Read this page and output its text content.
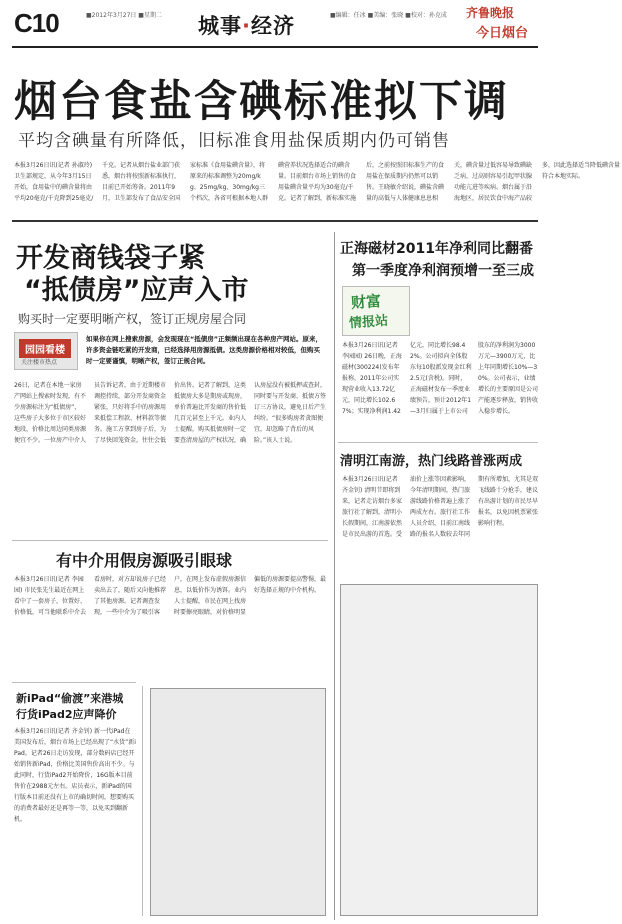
C10	■2012年3月27日 ■星期二 城事·经济	■编辑：任冰 ■美编：张晓 ■校对：孙克成 齐鲁晚报
今日烟台
烟台食盐含碘标准拟下调
平均含碘量有所降低，旧标准食用盐保质期内仍可销售
本报3月26日讯(记者 孙淑玲) 卫生部规定，从今年3月15日开始，食用盐中的碘含量将由平均20毫克/千克降到25毫克/千克。记者从烟台盐业部门获悉，烟台将按照新标准执行，目前已开始筹备。2011年9月，卫生部发布了食品安全国家标准《食用盐碘含量》，将原来的标准调整为20mg/kg、25mg/kg、30mg/kg三个档次，各省可根据本地人群碘营养状况选择适合的碘含量。目前烟台市场上销售的食用盐碘含量平均为30毫克/千克。记者了解到，新标准实施后，之前按照旧标准生产的食用盐在保质期内仍然可以销售。王晓敏介绍说，碘盐含碘量的高低与人体健康息息相关，碘含量过低容易导致碘缺乏病，过高则容易引起甲状腺功能亢进等疾病。烟台属于沿海地区，居民饮食中海产品较多，因此选择适当降低碘含量符合本地实际。
开发商钱袋子紧
“抵债房”应声入市
购买时一定要明晰产权，签订正规房屋合同
园园看楼
关注楼市热点
如果你在网上搜索房源，会发现现在“抵债房”正频频出现在各种房产网站。原来，许多资金链吃紧的开发商，已经选择用房源抵债。这类房源价格相对较低，但购买时一定要谨慎，明晰产权，签订正规合同。
26日，记者在本地一家房产网站上搜索时发现，有不少房源标注为“抵债房”，这些房子大多位于市区较好地段，价格比周边同类房源便宜不少。一位房产中介人员告诉记者，由于近期楼市调控持续，部分开发商资金紧张，只好将手中的房源用来抵偿工程款、材料款等债务。施工方拿到房子后，为了尽快回笼资金，往往会低价出售。记者了解到，这类抵债房大多是期房或现房，单价普遍比开发商的售价低几百元甚至上千元。业内人士提醒，购买抵债房时一定要查清房屋的产权状况，确认房屋没有被抵押或查封，同时要与开发商、抵债方签订三方协议，避免日后产生纠纷。“很多购房者贪图便宜，却忽略了背后的风险。”该人士说。
有中介用假房源吸引眼球
本报3月26日讯(记者 李园园) 市民张先生最近在网上看中了一套房子，位置好、价格低，可当他联系中介去看房时，对方却说房子已经卖出去了，随后又向他推荐了其他房源。记者调查发现，一些中介为了吸引客户，在网上发布虚假房源信息，以低价作为诱饵。业内人士提醒，市民在网上找房时要擦亮眼睛，对价格明显偏低的房源要提高警惕，最好选择正规的中介机构。
新iPad“偷渡”来港城
行货iPad2应声降价
本报3月26日讯(记者 齐金钊) 新一代iPad在美国发布后，烟台市场上已经出现了“水货”新iPad。记者26日走访发现，部分数码店已经开始销售新iPad，价格比美国售价高出不少。与此同时，行货iPad2开始降价，16G版本目前售价在2988元左右。店员表示，新iPad的国行版本目前还没有上市的确切时间，想要购买的消费者最好还是再等一等，以免买到翻新机。
正海磁材2011年净利同比翻番
第一季度净利润预增一至三成
财富
情报站
本报3月26日讯(记者 李园园) 26日晚，正海磁材(300224)发布年报称，2011年公司实现营业收入13.72亿元，同比增长102.67%；实现净利润1.42亿元，同比增长98.42%。公司拟向全体股东每10股派发现金红利2.5元(含税)。同时，正海磁材发布一季度业绩预告，预计2012年1—3月归属于上市公司股东的净利润为3000万元—3900万元，比上年同期增长10%—30%。公司表示，业绩增长的主要原因是公司产能逐步释放，销售收入稳步增长。
清明江南游，热门线路普涨两成
本报3月26日讯(记者 齐金钊) 清明节即将到来，记者走访烟台多家旅行社了解到，清明小长假期间，江南游依然是市民出游的首选。受油价上涨等因素影响，今年清明期间，热门旅游线路价格普遍上涨了两成左右。旅行社工作人员介绍，目前江南线路的报名人数较去年同期有所增加，尤其是双飞线路十分抢手，建议有出游计划的市民尽早报名，以免因机票紧张影响行程。
